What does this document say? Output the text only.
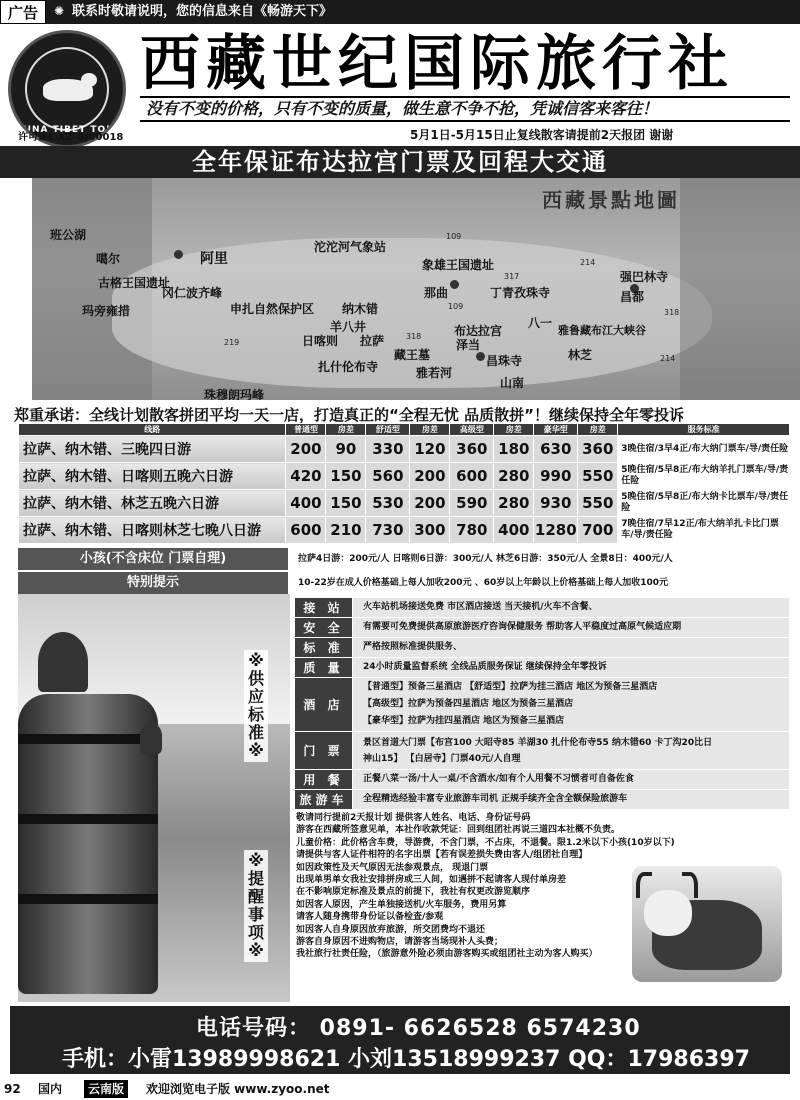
广告	✺ 联系时敬请说明，您的信息来自《畅游天下》
CHINA TIBET TOUR
西藏世纪国际旅行社
没有不变的价格，只有不变的质量，做生意不争不抢，凭诚信客来客往！
许可证L-XZ-GJ00018	5月1日-5月15日止复线散客请提前2天报团 谢谢
全年保证布达拉宫门票及回程大交通
西藏景點地圖
班公湖
噶尔	阿里
古格王国遗址
冈仁波齐峰
玛旁雍措
沱沱河气象站
109
象雄王国遗址
317
214
申扎自然保护区 纳木错
那曲	丁青孜珠寺
强巴林寺
昌都
318
219
318
109
214
羊八井
日喀则 拉萨
布达拉宫
八一
雅鲁藏布江大峡谷
藏王墓
泽当
昌珠寺	林芝
扎什伦布寺	雅若河
山南
珠穆朗玛峰
郑重承诺：全线计划散客拼团平均一天一店，打造真正的“全程无忧 品质散拼”！继续保持全年零投诉
线路	普通型	房差	舒适型	房差	高级型	房差	豪华型	房差	服务标准
拉萨、纳木错、三晚四日游	200	90	330	120	360	180	630	360	3晚住宿/3早4正/布大纳门票车/导/责任险
拉萨、纳木错、日喀则五晚六日游	420	150	560	200	600	280	990	550	5晚住宿/5早8正/布大纳羊扎门票车/导/责任险
拉萨、纳木错、林芝五晚六日游	400	150	530	200	590	280	930	550	5晚住宿/5早8正/布大纳卡比票车/导/责任险
拉萨、纳木错、日喀则林芝七晚八日游	600	210	730	300	780	400	1280	700	7晚住宿/7早12正/布大纳羊扎卡比门票车/导/责任险
小孩(不含床位 门票自理)	拉萨4日游：200元/人 日喀则6日游：300元/人 林芝6日游：350元/人 全景8日：400元/人
特别提示	10-22岁在成人价格基础上每人加收200元 、60岁以上年龄以上价格基础上每人加收100元
※供应标准※
※提醒事项※
接 站	火车站机场接送免费 市区酒店接送 当天接机/火车不含餐、
安 全	有需要可免费提供高原旅游医疗咨询保健服务 帮助客人平稳度过高原气候适应期
标 准	严格按照标准提供服务、
质 量	24小时质量监督系统 全线品质服务保证 继续保持全年零投诉
酒 店	【普通型】预备三星酒店 【舒适型】拉萨为挂三酒店 地区为预备三星酒店
【高级型】拉萨为预备四星酒店 地区为预备三星酒店
【豪华型】拉萨为挂四星酒店 地区为预备三星酒店

门 票	景区首道大门票【布宫100 大昭寺85 羊湖30 扎什伦布寺55 纳木错60 卡丁沟20比日
神山15】 【白居寺】门票40元/人自理

用 餐	正餐八菜一汤/十人一桌/不含酒水/如有个人用餐不习惯者可自备佐食
旅游车	全程精选经验丰富专业旅游车司机 正规手续齐全含全额保险旅游车
敬请同行提前2天报计划 提供客人姓名、电话、身份证号码
游客在西藏所签意见单，本社作收款凭证：回到组团社再说三道四本社概不负责。
儿童价格：此价格含车费，导游费，不含门票，不占床，不退餐。限1.2米以下小孩(10岁以下)
请提供与客人证件相符的名字出票【若有误差损失费由客人/组团社自理】
如因政策性及天气原因无法参观景点， 现退门票
出现单男单女我社安排拼房或三人间，如遇拼不起请客人现付单房差
在不影响原定标准及景点的前提下，我社有权更改游览顺序
如因客人原因，产生单独接送机/火车服务，费用另算
请客人随身携带身份证以备检查/参观
如因客人自身原因放弃旅游，所交团费均不退还
游客自身原因不进购物店，请游客当场现补人头费；
我社旅行社责任险，（旅游意外险必须由游客购买或组团社主动为客人购买）
电话号码： 0891- 6626528 6574230
手机：小雷13989998621 小刘13518999237 QQ：17986397
92 国内	云南版	欢迎浏览电子版 www.zyoo.net
